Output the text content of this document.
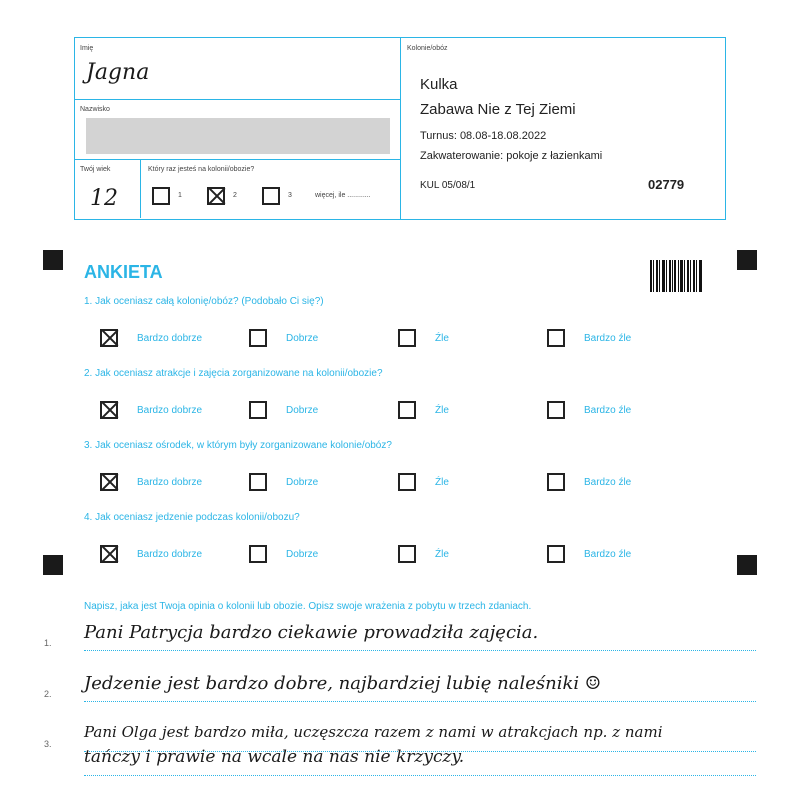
Imię
Jagna
Nazwisko
Twój wiek
12
Który raz jesteś na kolonii/obozie?
1	2	3	więcej, ile ............
Kolonie/obóz
Kulka
Zabawa Nie z Tej Ziemi
Turnus: 08.08-18.08.2022
Zakwaterowanie: pokoje z łazienkami
KUL 05/08/1	02779
ANKIETA
1. Jak oceniasz całą kolonię/obóz? (Podobało Ci się?)
Bardzo dobrze	Dobrze	Źle	Bardzo źle
2. Jak oceniasz atrakcje i zajęcia zorganizowane na kolonii/obozie?
Bardzo dobrze	Dobrze	Źle	Bardzo źle
3. Jak oceniasz ośrodek, w którym były zorganizowane kolonie/obóz?
Bardzo dobrze	Dobrze	Źle	Bardzo źle
4. Jak oceniasz jedzenie podczas kolonii/obozu?
Bardzo dobrze	Dobrze	Źle	Bardzo źle
Napisz, jaka jest Twoja opinia o kolonii lub obozie. Opisz swoje wrażenia z pobytu w trzech zdaniach.
1. Pani Patrycja bardzo ciekawie prowadziła zajęcia.
2. Jedzenie jest bardzo dobre, najbardziej lubię naleśniki ☺
3.
Pani Olga jest bardzo miła, uczęszcza razem z nami w atrakcjach np. z nami
tańczy i prawie na wcale na nas nie krzyczy.
